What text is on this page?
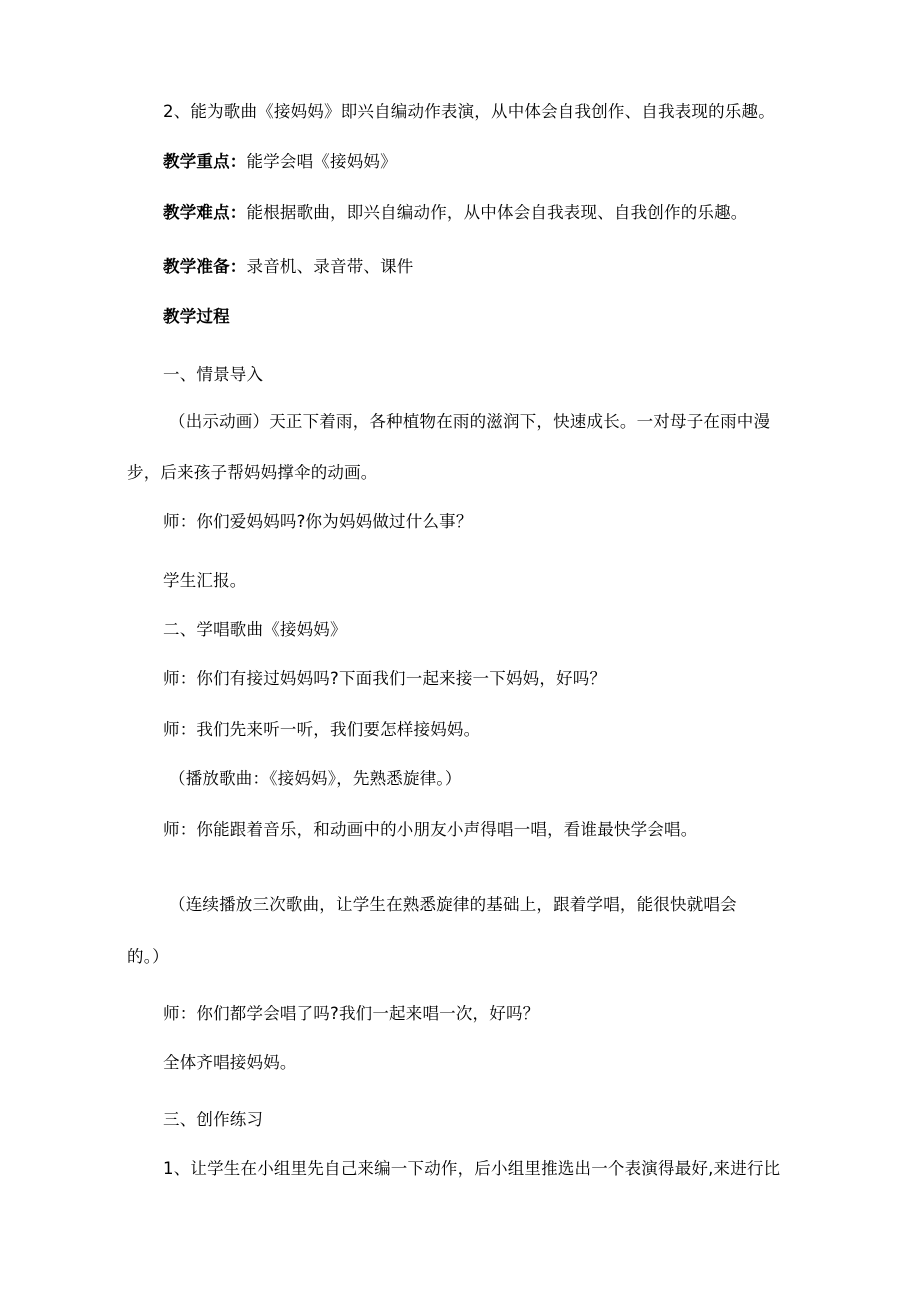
2、能为歌曲《接妈妈》即兴自编动作表演，从中体会自我创作、自我表现的乐趣。
教学重点：能学会唱《接妈妈》
教学难点：能根据歌曲，即兴自编动作，从中体会自我表现、自我创作的乐趣。
教学准备：录音机、录音带、课件
教学过程
一、情景导入
（出示动画）天正下着雨，各种植物在雨的滋润下，快速成长。一对母子在雨中漫
步，后来孩子帮妈妈撑伞的动画。
师：你们爱妈妈吗?你为妈妈做过什么事？
学生汇报。
二、学唱歌曲《接妈妈》
师：你们有接过妈妈吗?下面我们一起来接一下妈妈，好吗？
师：我们先来听一听，我们要怎样接妈妈。
（播放歌曲：《接妈妈》，先熟悉旋律。）
师：你能跟着音乐，和动画中的小朋友小声得唱一唱，看谁最快学会唱。
（连续播放三次歌曲，让学生在熟悉旋律的基础上，跟着学唱，能很快就唱会
的。）
师：你们都学会唱了吗?我们一起来唱一次，好吗？
全体齐唱接妈妈。
三、创作练习
1、让学生在小组里先自己来编一下动作，后小组里推选出一个表演得最好,来进行比
